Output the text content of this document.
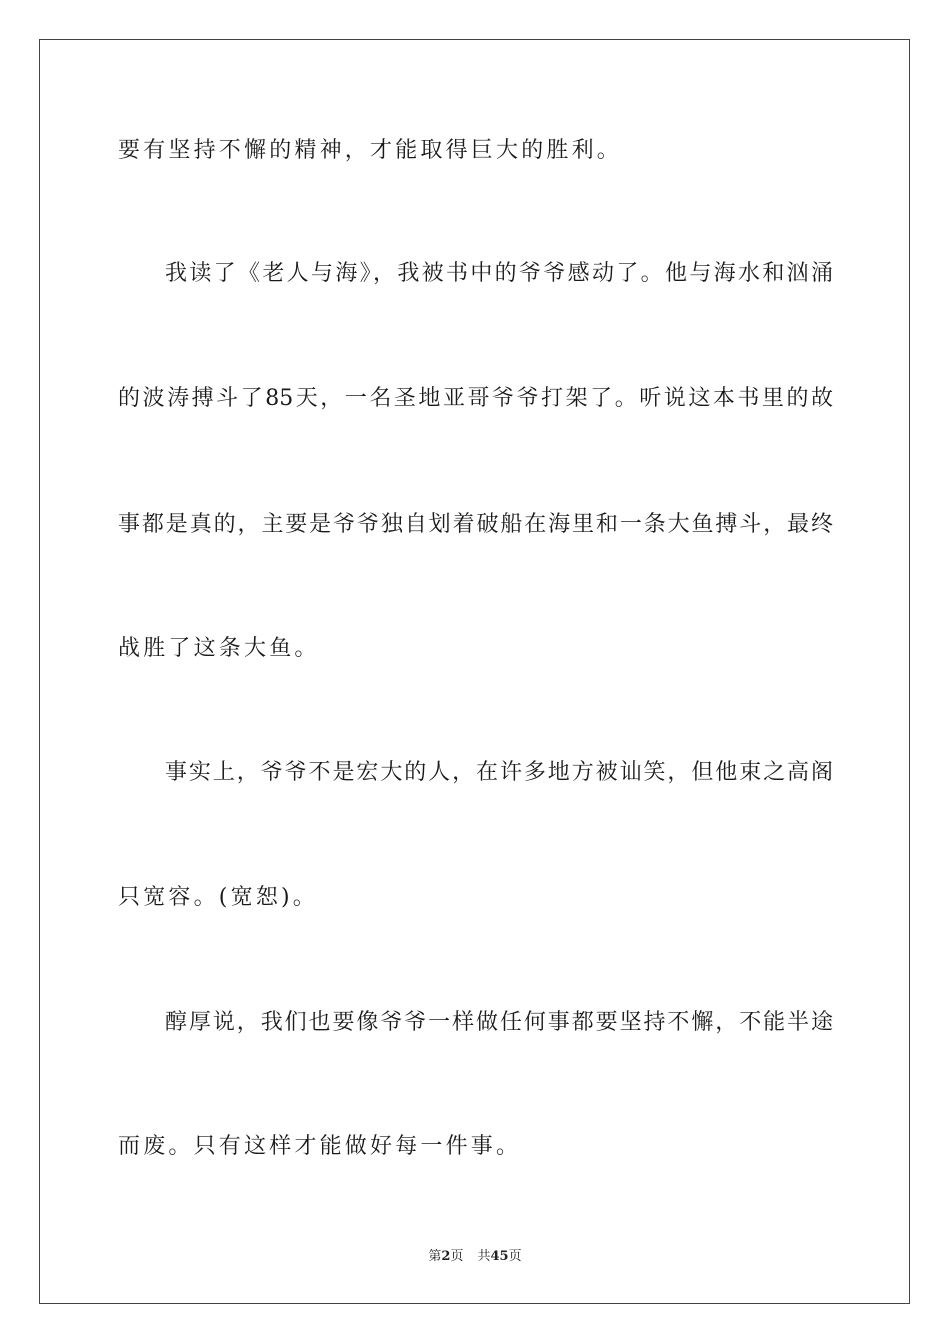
要有坚持不懈的精神，才能取得巨大的胜利。
我读了《老人与海》，我被书中的爷爷感动了。他与海水和汹涌
的波涛搏斗了85天，一名圣地亚哥爷爷打架了。听说这本书里的故
事都是真的，主要是爷爷独自划着破船在海里和一条大鱼搏斗，最终
战胜了这条大鱼。
事实上，爷爷不是宏大的人，在许多地方被讪笑，但他束之高阁
只宽容。(宽恕)。
醇厚说，我们也要像爷爷一样做任何事都要坚持不懈，不能半途
而废。只有这样才能做好每一件事。
第2页 共45页
